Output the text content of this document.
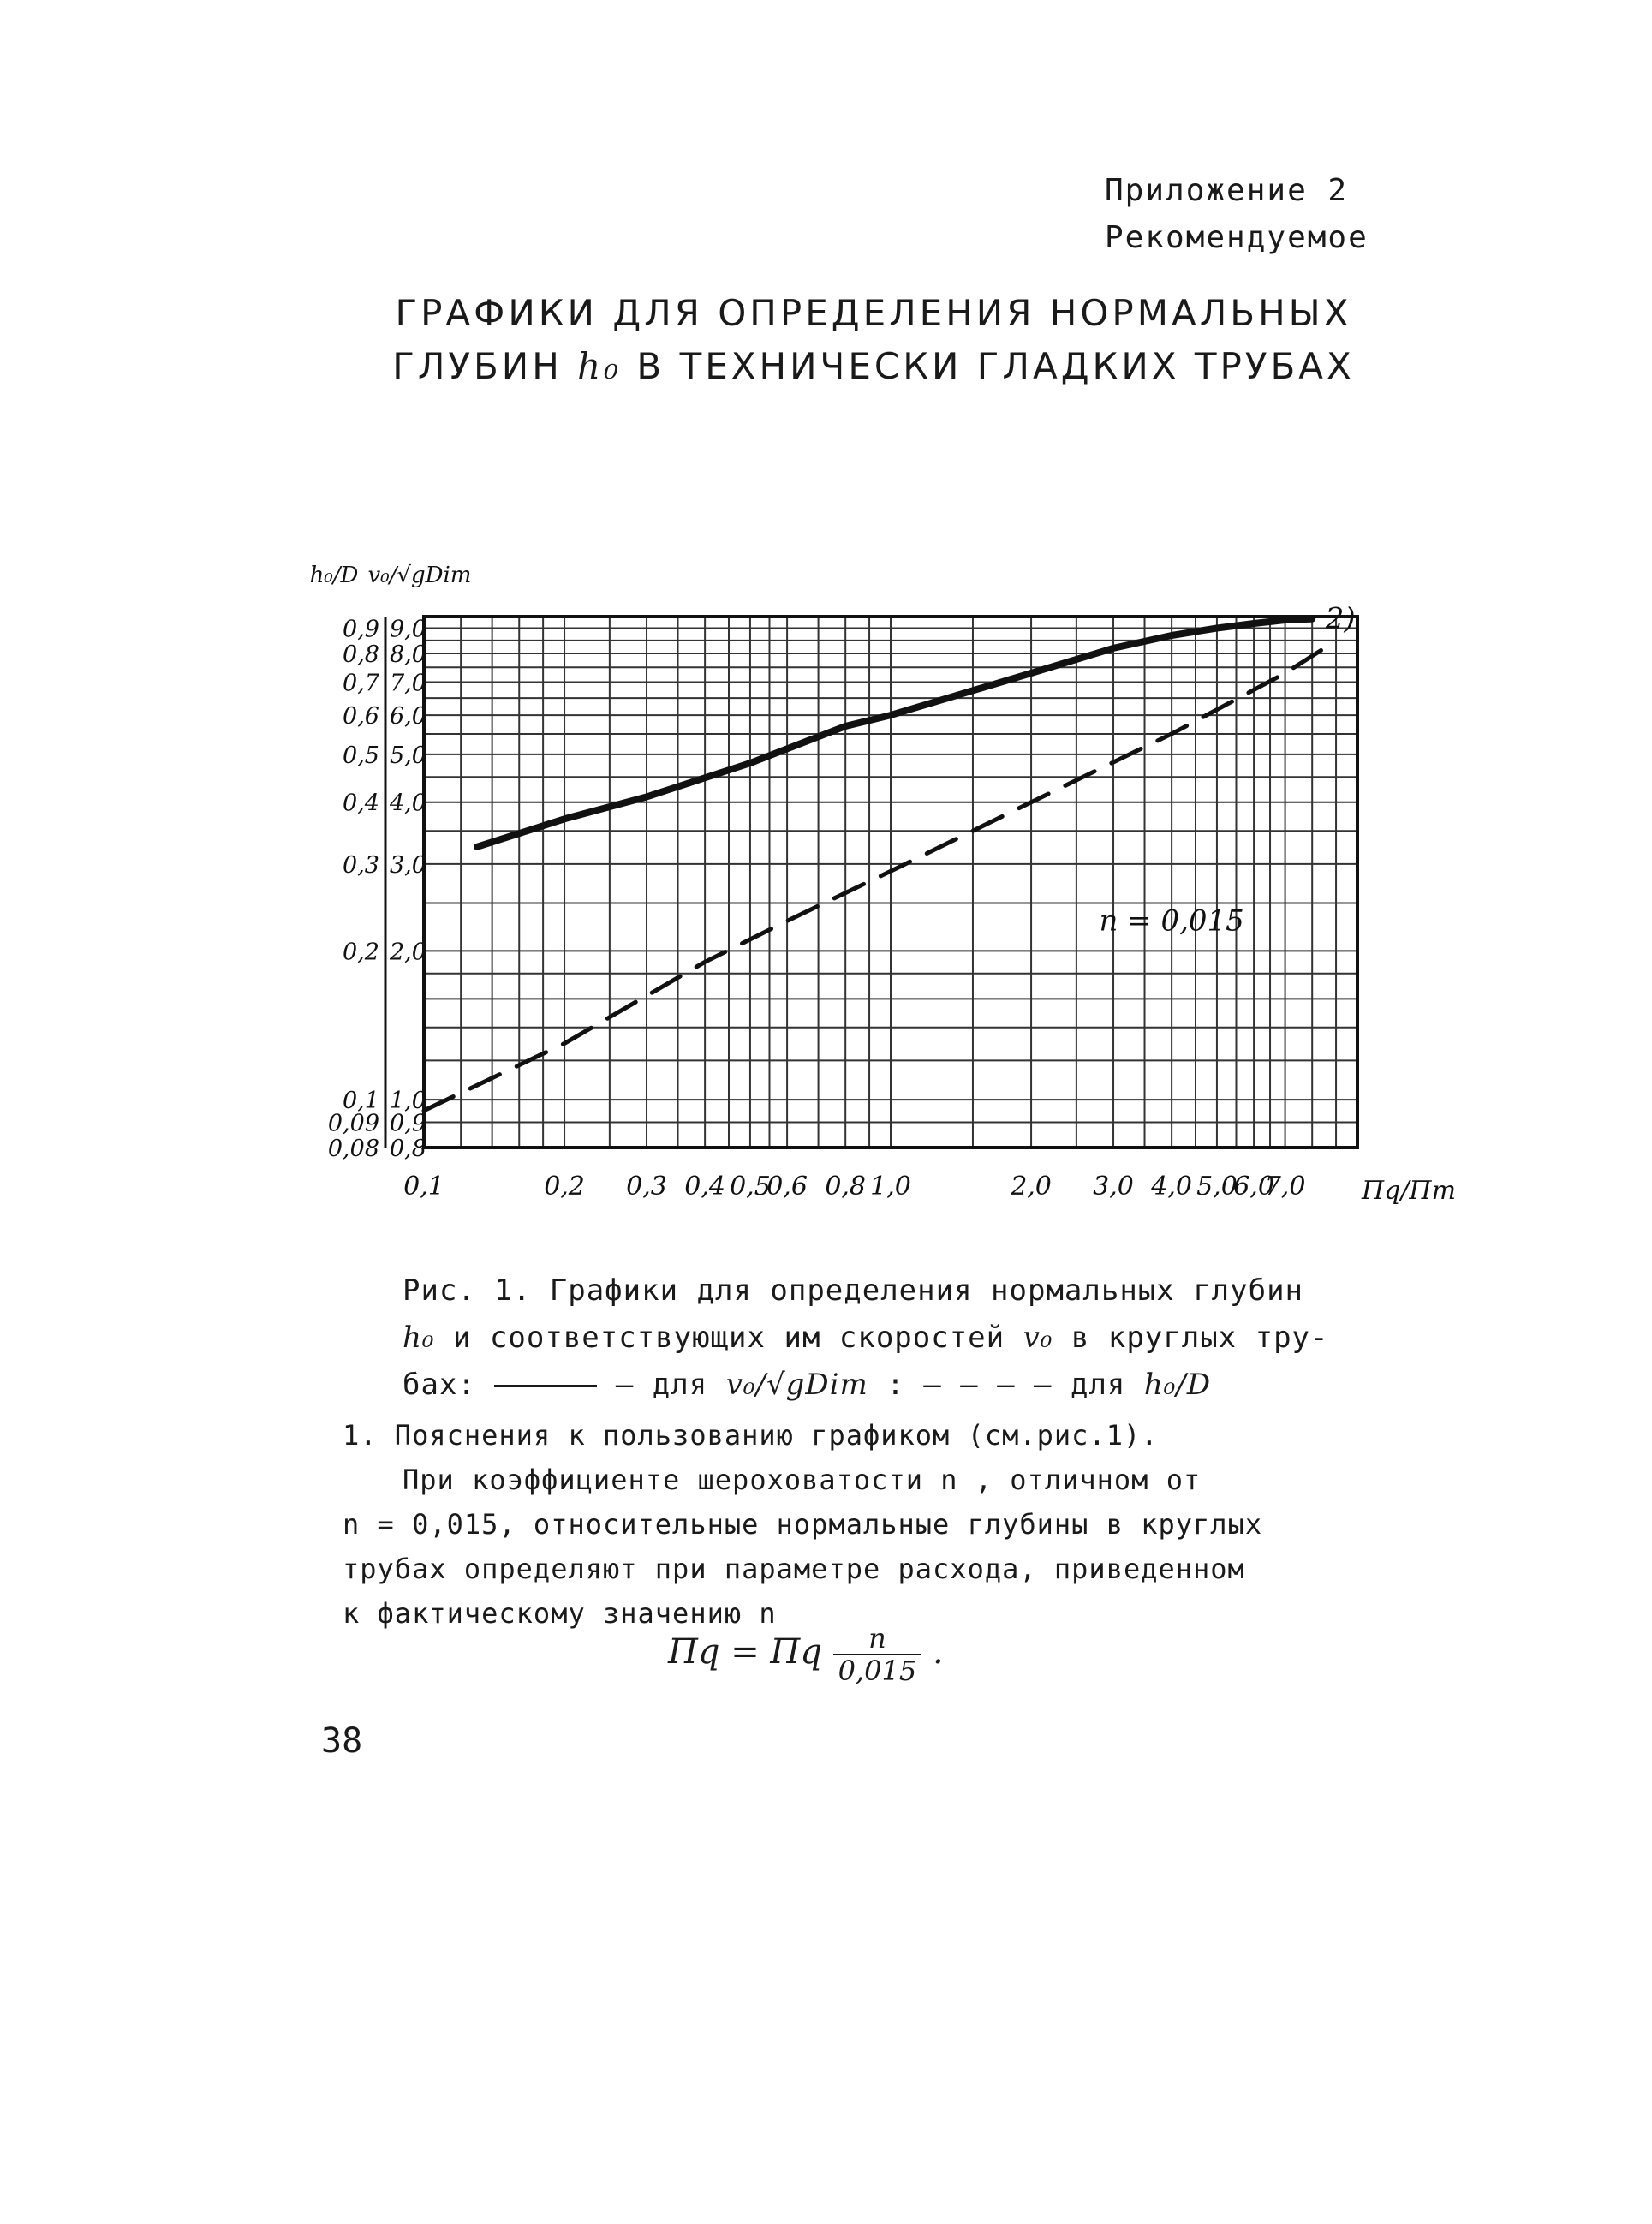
Приложение 2
Рекомендуемое
ГРАФИКИ ДЛЯ ОПРЕДЕЛЕНИЯ НОРМАЛЬНЫХ
ГЛУБИН h₀ В ТЕХНИЧЕСКИ ГЛАДКИХ ТРУБАХ
0,1	0,2 0,3 0,4 0,5
0,6 0,8 1,0	2,0 3,0 4,0 5,0
6,0
7,0
0,9
0,8
0,7
0,6
0,5
0,4
0,3
0,2
0,1
0,09
0,08
9,0
8,0
7,0
6,0
5,0
4,0
3,0
2,0
1,0
0,9
0,8
h₀/D v₀/√gDiт
Пq/Пт
n = 0,015
2)
Рис. 1. Графики для определения нормальных глубин
h₀ и соответствующих им скоростей v₀ в круглых тру-
бах:	– для v₀/√gDiт : – – – – для h₀/D
1. Пояснения к пользованию графиком (см.рис.1).
При коэффициенте шероховатости n , отличном от
n = 0,015, относительные нормальные глубины в круглых
трубах определяют при параметре расхода, приведенном
к фактическому значению n
Пq = Пq $\frac{n}{0,015}$ .
38
